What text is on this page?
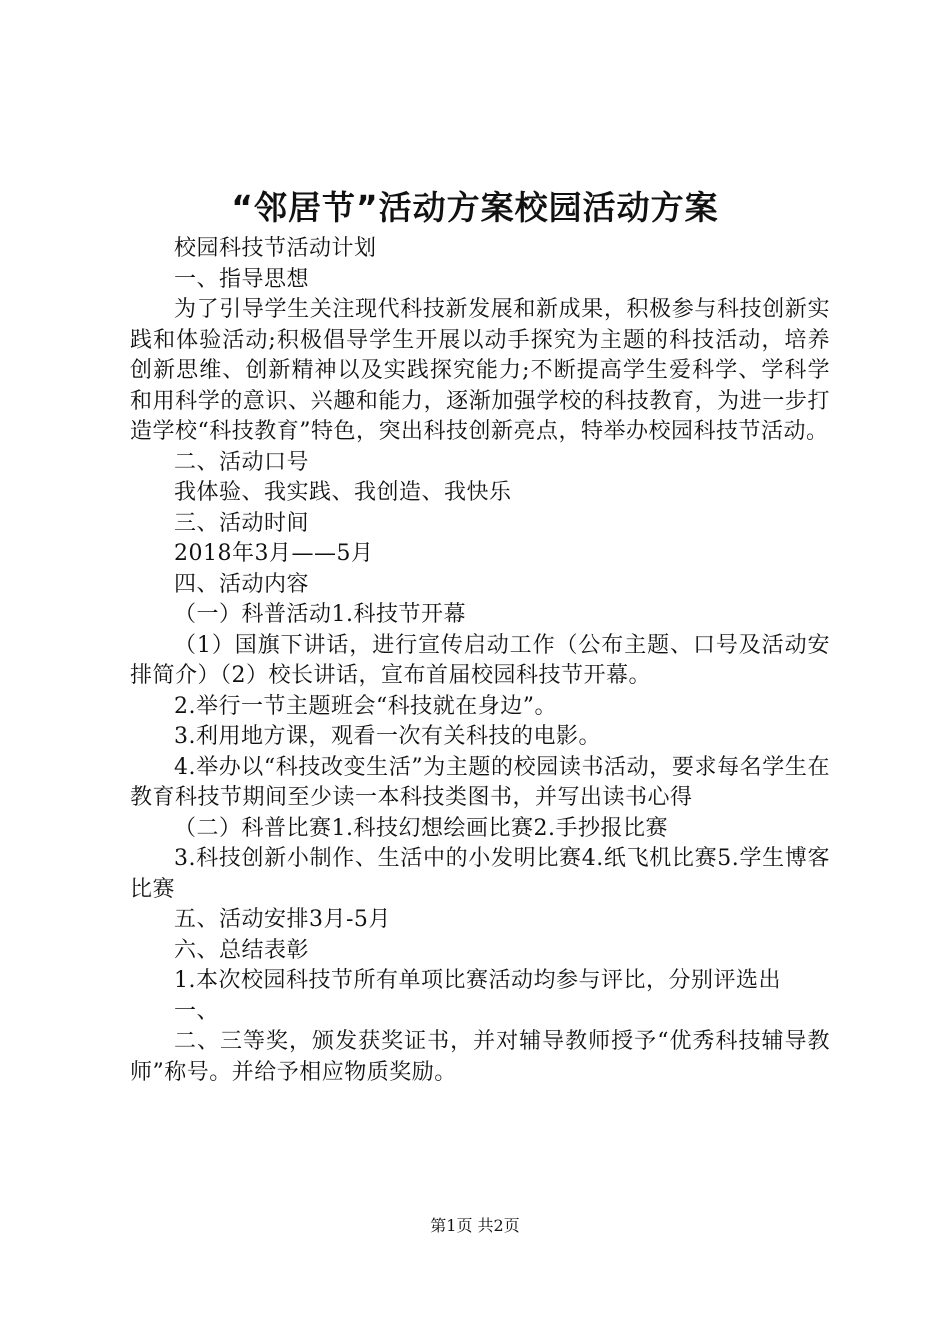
“邻居节”活动方案校园活动方案

校园科技节活动计划

一、指导思想

为了引导学生关注现代科技新发展和新成果，积极参与科技创新实践和体验活动;积极倡导学生开展以动手探究为主题的科技活动，培养创新思维、创新精神以及实践探究能力;不断提高学生爱科学、学科学和用科学的意识、兴趣和能力，逐渐加强学校的科技教育，为进一步打造学校“科技教育”特色，突出科技创新亮点，特举办校园科技节活动。

二、活动口号

我体验、我实践、我创造、我快乐

三、活动时间

2018年3月——5月

四、活动内容

（一）科普活动1.科技节开幕

（1）国旗下讲话，进行宣传启动工作（公布主题、口号及活动安排简介）（2）校长讲话，宣布首届校园科技节开幕。

2.举行一节主题班会“科技就在身边”。

3.利用地方课，观看一次有关科技的电影。

4.举办以“科技改变生活”为主题的校园读书活动，要求每名学生在教育科技节期间至少读一本科技类图书，并写出读书心得

（二）科普比赛1.科技幻想绘画比赛2.手抄报比赛

3.科技创新小制作、生活中的小发明比赛4.纸飞机比赛5.学生博客比赛

五、活动安排3月-5月

六、总结表彰

1.本次校园科技节所有单项比赛活动均参与评比，分别评选出

一、

二、三等奖，颁发获奖证书，并对辅导教师授予“优秀科技辅导教师”称号。并给予相应物质奖励。

第1页 共2页
